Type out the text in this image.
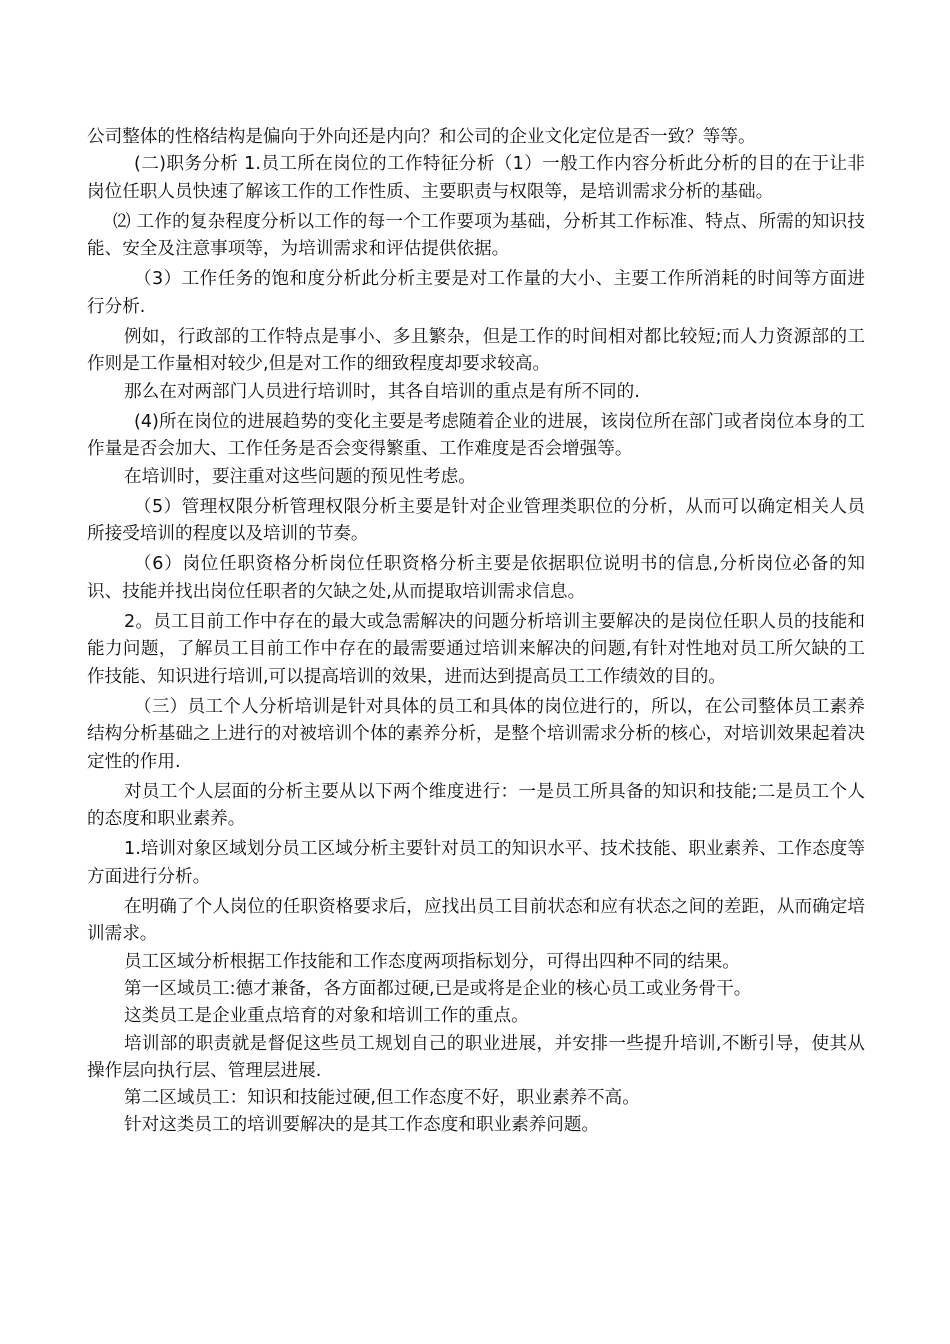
公司整体的性格结构是偏向于外向还是内向？和公司的企业文化定位是否一致？等等。

(二)职务分析 1.员工所在岗位的工作特征分析（1）一般工作内容分析此分析的目的在于让非岗位任职人员快速了解该工作的工作性质、主要职责与权限等，是培训需求分析的基础。

⑵ 工作的复杂程度分析以工作的每一个工作要项为基础，分析其工作标准、特点、所需的知识技能、安全及注意事项等，为培训需求和评估提供依据。

（3）工作任务的饱和度分析此分析主要是对工作量的大小、主要工作所消耗的时间等方面进行分析.

例如，行政部的工作特点是事小、多且繁杂，但是工作的时间相对都比较短;而人力资源部的工作则是工作量相对较少,但是对工作的细致程度却要求较高。

那么在对两部门人员进行培训时，其各自培训的重点是有所不同的.

(4)所在岗位的进展趋势的变化主要是考虑随着企业的进展，该岗位所在部门或者岗位本身的工作量是否会加大、工作任务是否会变得繁重、工作难度是否会增强等。

在培训时，要注重对这些问题的预见性考虑。

（5）管理权限分析管理权限分析主要是针对企业管理类职位的分析，从而可以确定相关人员所接受培训的程度以及培训的节奏。

（6）岗位任职资格分析岗位任职资格分析主要是依据职位说明书的信息,分析岗位必备的知识、技能并找出岗位任职者的欠缺之处,从而提取培训需求信息。

2。员工目前工作中存在的最大或急需解决的问题分析培训主要解决的是岗位任职人员的技能和能力问题，了解员工目前工作中存在的最需要通过培训来解决的问题,有针对性地对员工所欠缺的工作技能、知识进行培训,可以提高培训的效果，进而达到提高员工工作绩效的目的。

（三）员工个人分析培训是针对具体的员工和具体的岗位进行的，所以，在公司整体员工素养结构分析基础之上进行的对被培训个体的素养分析，是整个培训需求分析的核心，对培训效果起着决定性的作用.

对员工个人层面的分析主要从以下两个维度进行：一是员工所具备的知识和技能;二是员工个人的态度和职业素养。

1.培训对象区域划分员工区域分析主要针对员工的知识水平、技术技能、职业素养、工作态度等方面进行分析。

在明确了个人岗位的任职资格要求后，应找出员工目前状态和应有状态之间的差距，从而确定培训需求。

员工区域分析根据工作技能和工作态度两项指标划分，可得出四种不同的结果。

第一区域员工:德才兼备，各方面都过硬,已是或将是企业的核心员工或业务骨干。

这类员工是企业重点培育的对象和培训工作的重点。

培训部的职责就是督促这些员工规划自己的职业进展，并安排一些提升培训,不断引导，使其从操作层向执行层、管理层进展.

第二区域员工：知识和技能过硬,但工作态度不好，职业素养不高。

针对这类员工的培训要解决的是其工作态度和职业素养问题。
